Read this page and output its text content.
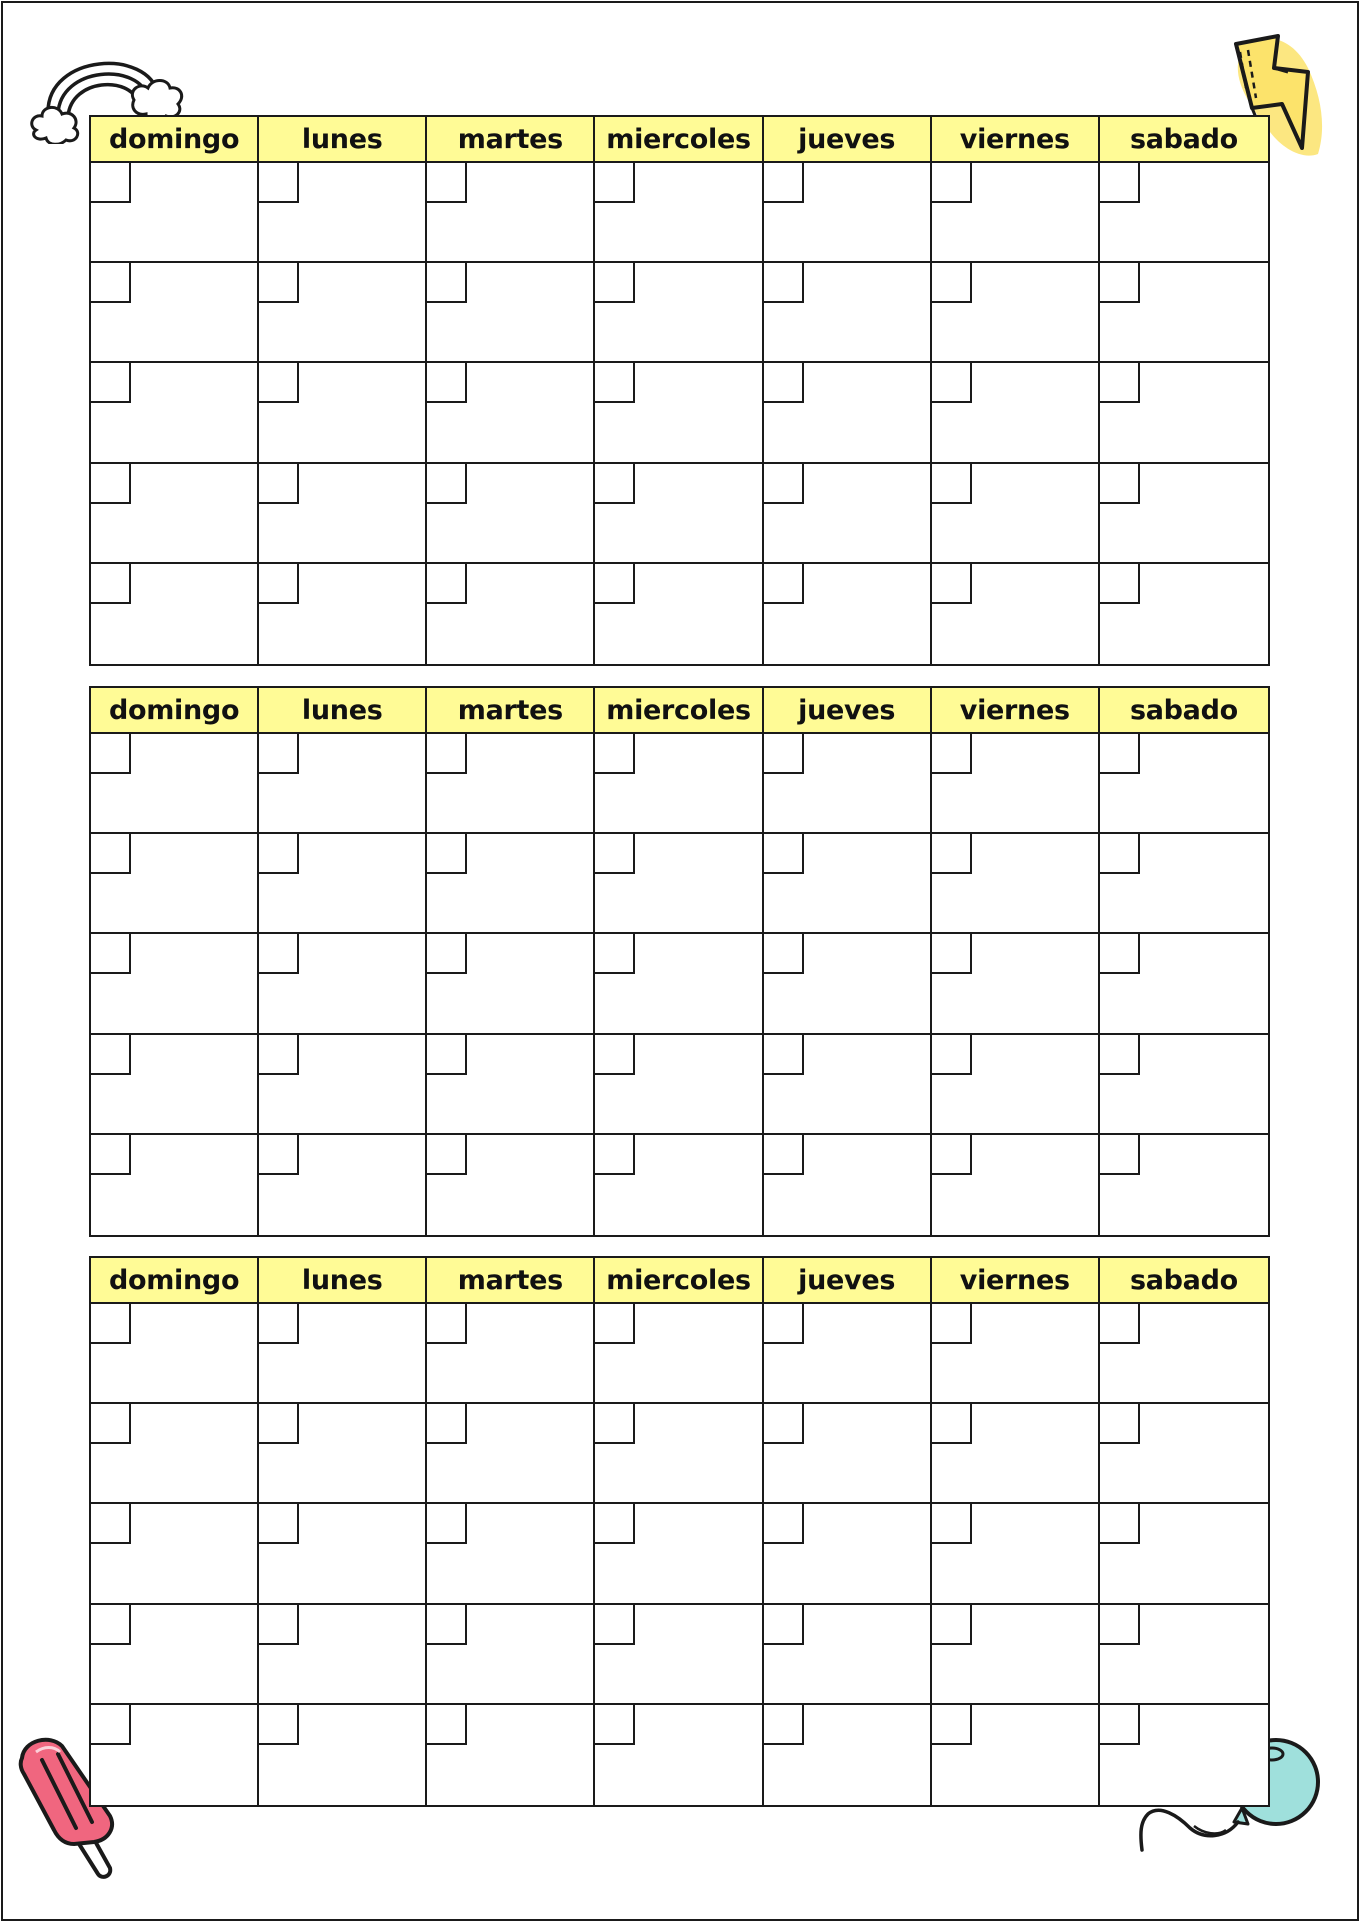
domingo	lunes	martes	miercoles	jueves	viernes	sabado
domingo	lunes	martes	miercoles	jueves	viernes	sabado
domingo	lunes	martes	miercoles	jueves	viernes	sabado
